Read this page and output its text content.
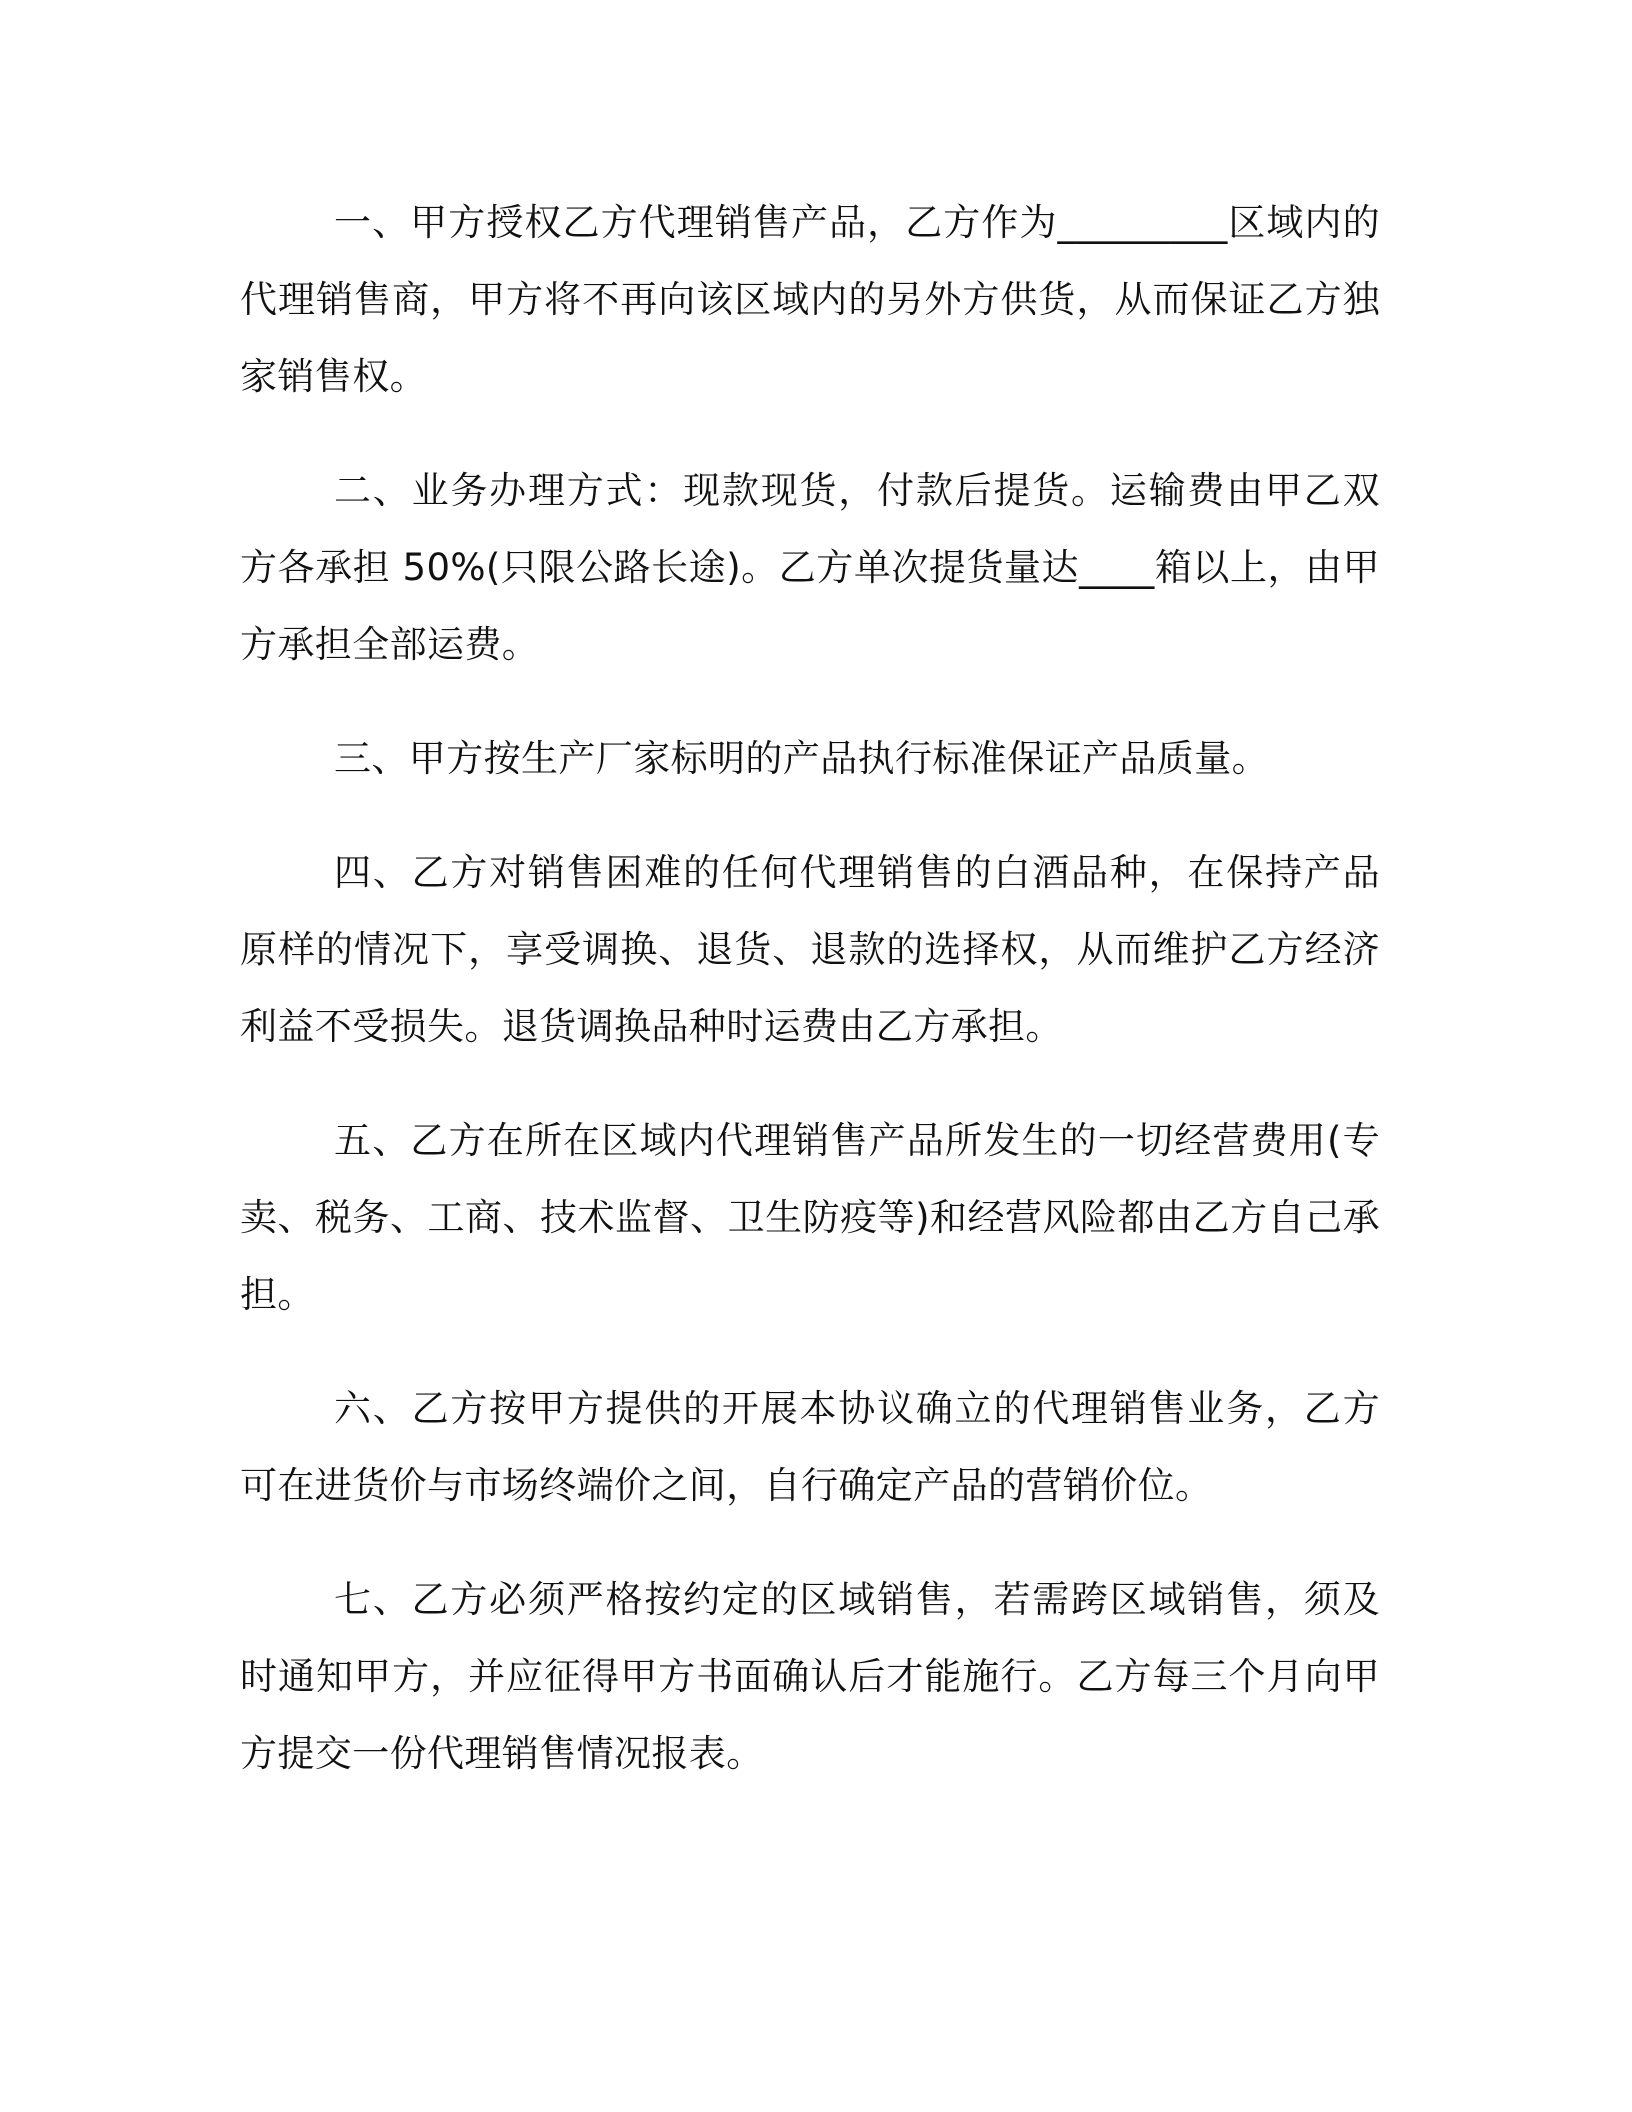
一、甲方授权乙方代理销售产品，乙方作为_________区域内的代理销售商，甲方将不再向该区域内的另外方供货，从而保证乙方独家销售权。

二、业务办理方式：现款现货，付款后提货。运输费由甲乙双方各承担 50%(只限公路长途)。乙方单次提货量达____箱以上，由甲方承担全部运费。

三、甲方按生产厂家标明的产品执行标准保证产品质量。

四、乙方对销售困难的任何代理销售的白酒品种，在保持产品原样的情况下，享受调换、退货、退款的选择权，从而维护乙方经济利益不受损失。退货调换品种时运费由乙方承担。

五、乙方在所在区域内代理销售产品所发生的一切经营费用(专卖、税务、工商、技术监督、卫生防疫等)和经营风险都由乙方自己承担。

六、乙方按甲方提供的开展本协议确立的代理销售业务，乙方可在进货价与市场终端价之间，自行确定产品的营销价位。

七、乙方必须严格按约定的区域销售，若需跨区域销售，须及时通知甲方，并应征得甲方书面确认后才能施行。乙方每三个月向甲方提交一份代理销售情况报表。
